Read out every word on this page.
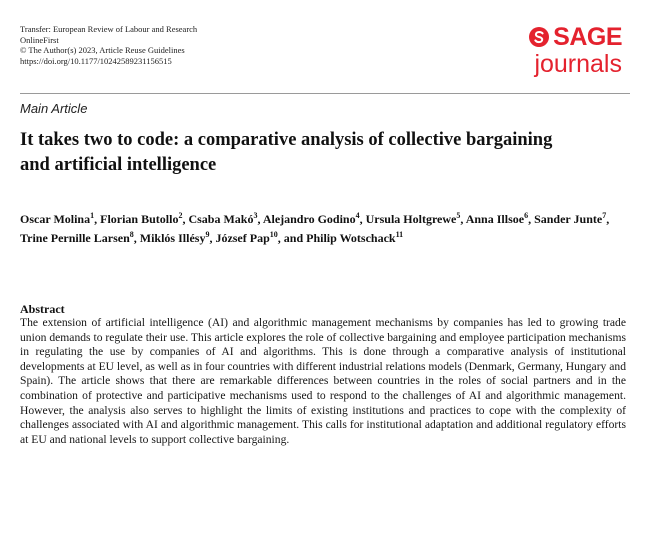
Transfer: European Review of Labour and Research
OnlineFirst
© The Author(s) 2023, Article Reuse Guidelines
https://doi.org/10.1177/10242589231156515
SAGE
journals
Main Article
It takes two to code: a comparative analysis of collective bargaining and artificial intelligence
Oscar Molina$^1$, Florian Butollo$^2$, Csaba Makó$^3$, Alejandro Godino$^4$, Ursula Holtgrewe$^5$, Anna Illsoe$^6$, Sander Junte$^7$, Trine Pernille Larsen$^8$, Miklós Illésy$^9$, József Pap$^{10}$, and Philip Wotschack$^{11}$
Abstract

The extension of artificial intelligence (AI) and algorithmic management mechanisms by companies has led to growing trade union demands to regulate their use. This article explores the role of collective bargaining and employee participation mechanisms in regulating the use by companies of AI and algorithms. This is done through a comparative analysis of institutional developments at EU level, as well as in four countries with different industrial relations models (Denmark, Germany, Hungary and Spain). The article shows that there are remarkable differences between countries in the roles of social partners and in the combination of protective and participative mechanisms used to respond to the challenges of AI and algorithmic management. However, the analysis also serves to highlight the limits of existing institutions and practices to cope with the complexity of challenges associated with AI and algorithmic management. This calls for institutional adaptation and additional regulatory efforts at EU and national levels to support collective bargaining.
